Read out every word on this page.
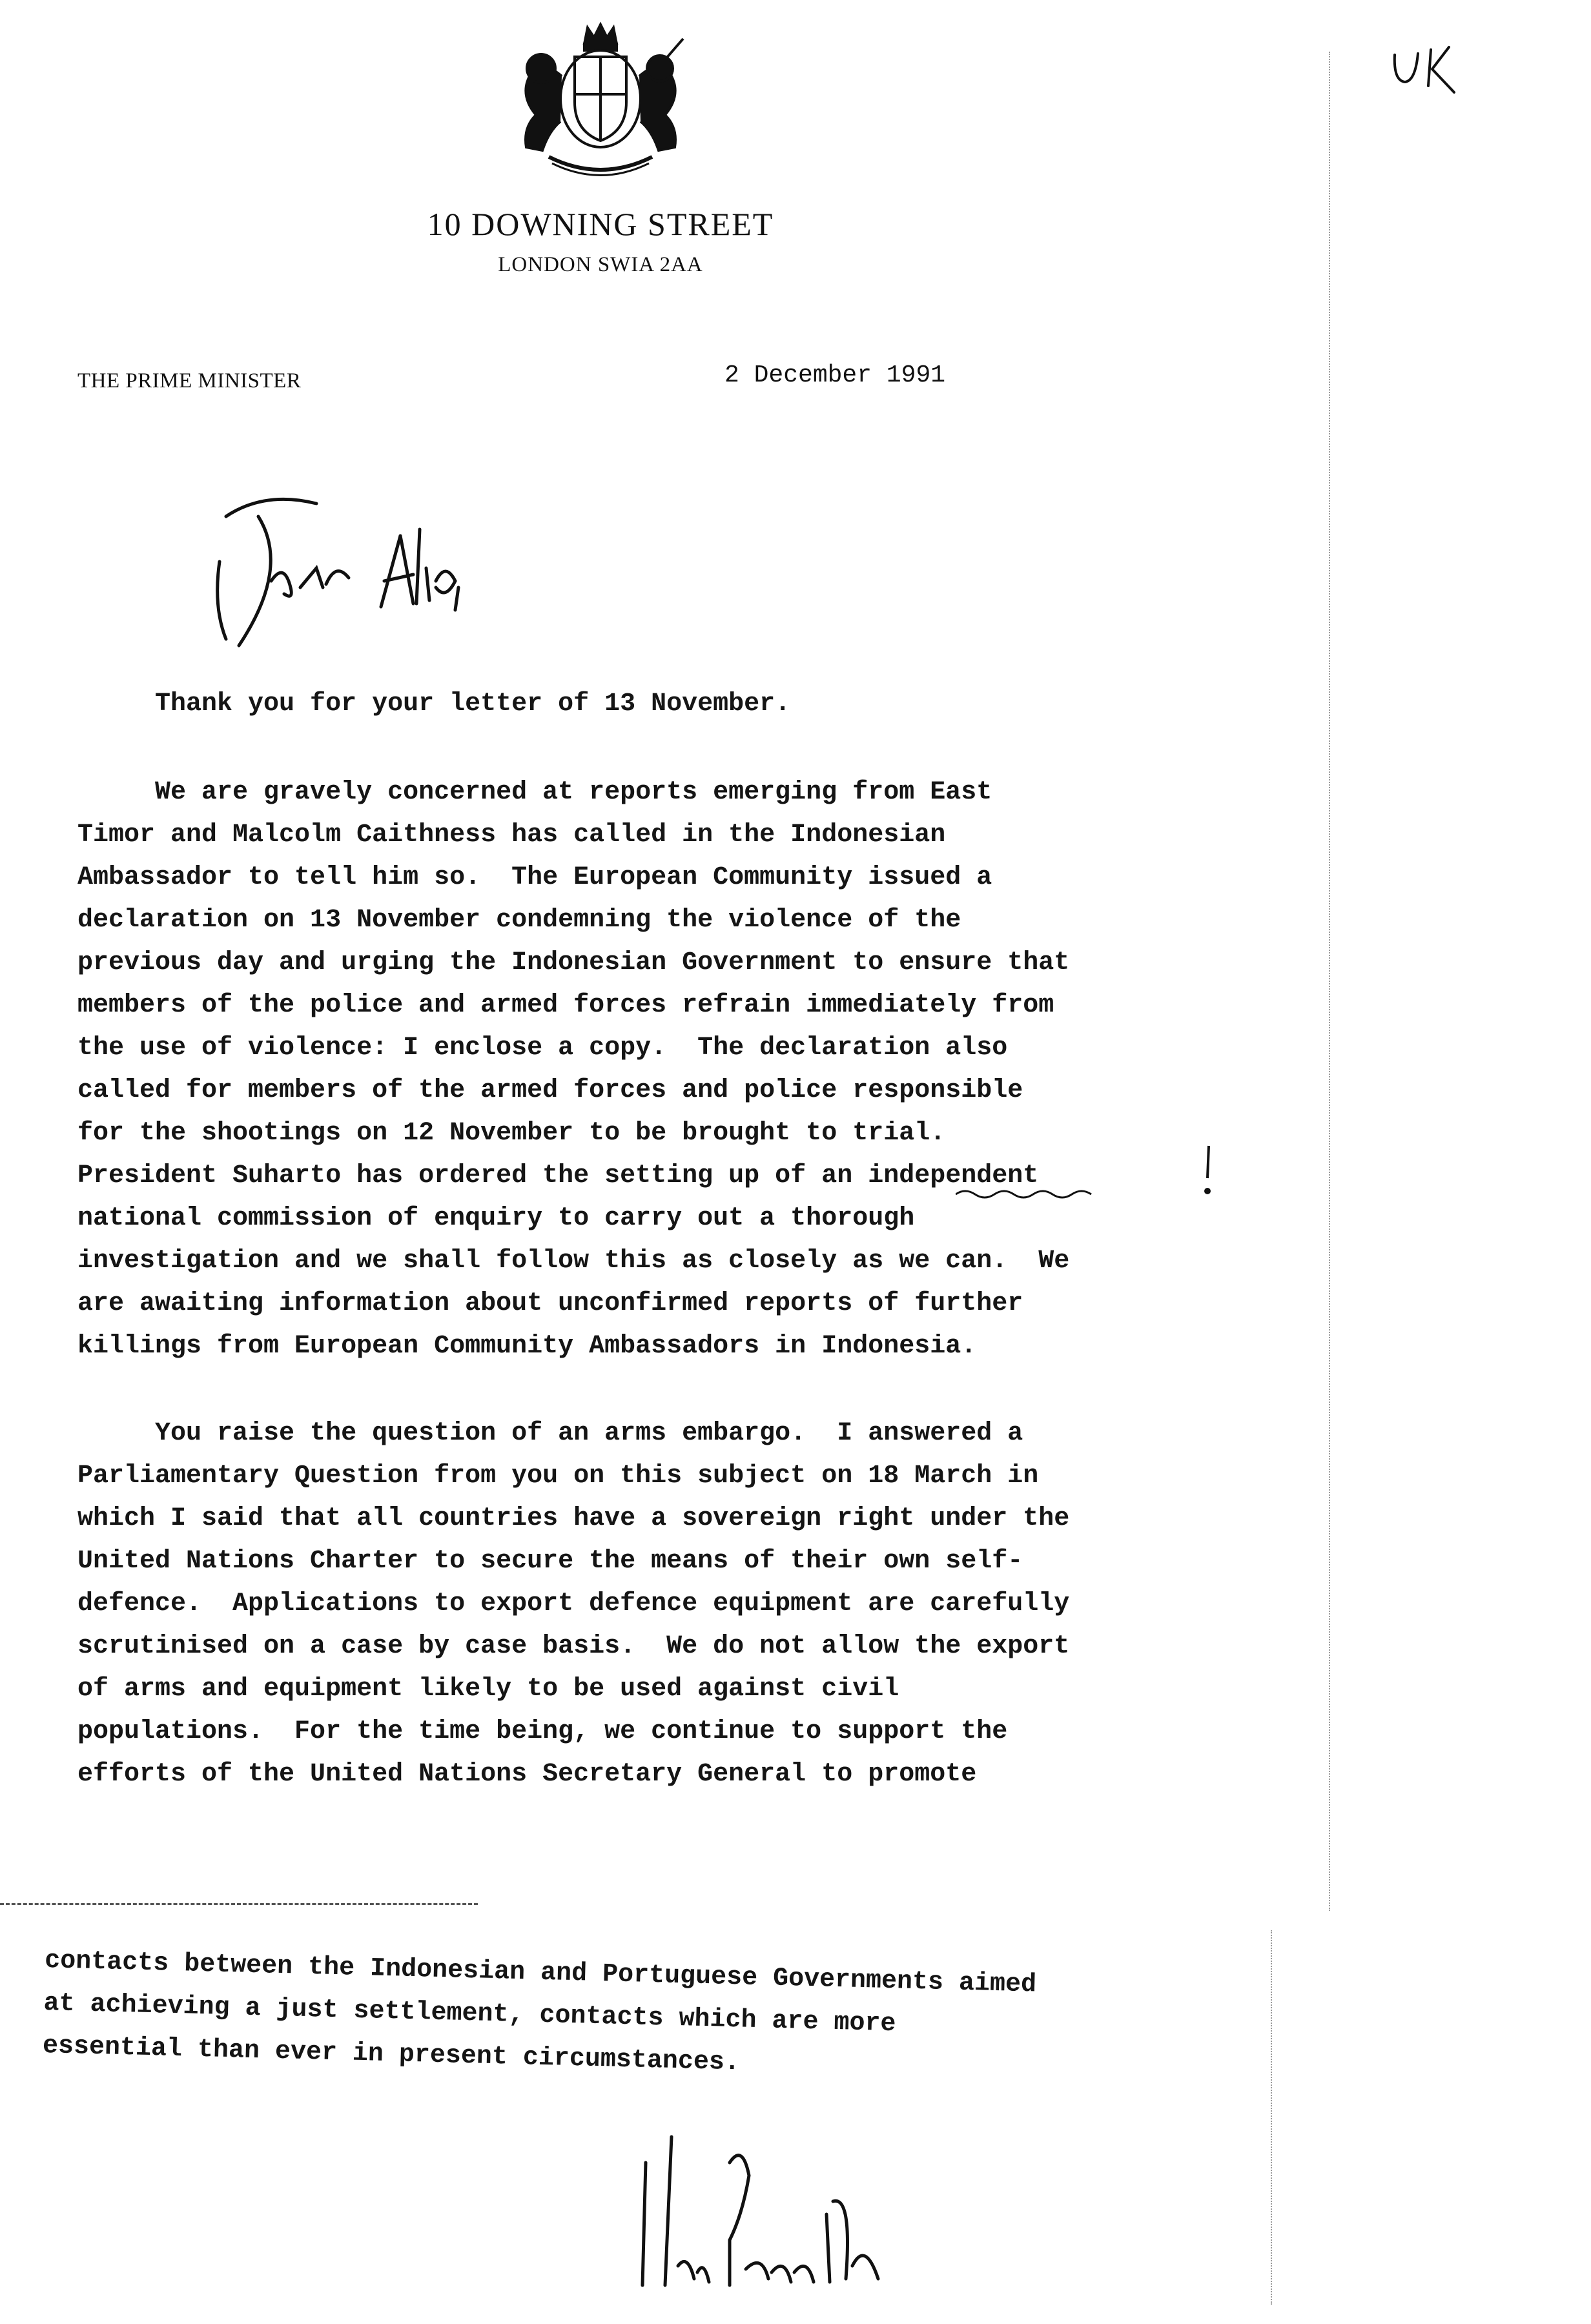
10 DOWNING STREET
LONDON SWIA 2AA
THE PRIME MINISTER	2 December 1991
Thank you for your letter of 13 November.
We are gravely concerned at reports emerging from East
Timor and Malcolm Caithness has called in the Indonesian
Ambassador to tell him so.  The European Community issued a
declaration on 13 November condemning the violence of the
previous day and urging the Indonesian Government to ensure that
members of the police and armed forces refrain immediately from
the use of violence: I enclose a copy.  The declaration also
called for members of the armed forces and police responsible
for the shootings on 12 November to be brought to trial.
President Suharto has ordered the setting up of an independent
national commission of enquiry to carry out a thorough
investigation and we shall follow this as closely as we can.  We
are awaiting information about unconfirmed reports of further
killings from European Community Ambassadors in Indonesia.
You raise the question of an arms embargo.  I answered a
Parliamentary Question from you on this subject on 18 March in
which I said that all countries have a sovereign right under the
United Nations Charter to secure the means of their own self-
defence.  Applications to export defence equipment are carefully
scrutinised on a case by case basis.  We do not allow the export
of arms and equipment likely to be used against civil
populations.  For the time being, we continue to support the
efforts of the United Nations Secretary General to promote
contacts between the Indonesian and Portuguese Governments aimed
at achieving a just settlement, contacts which are more
essential than ever in present circumstances.
